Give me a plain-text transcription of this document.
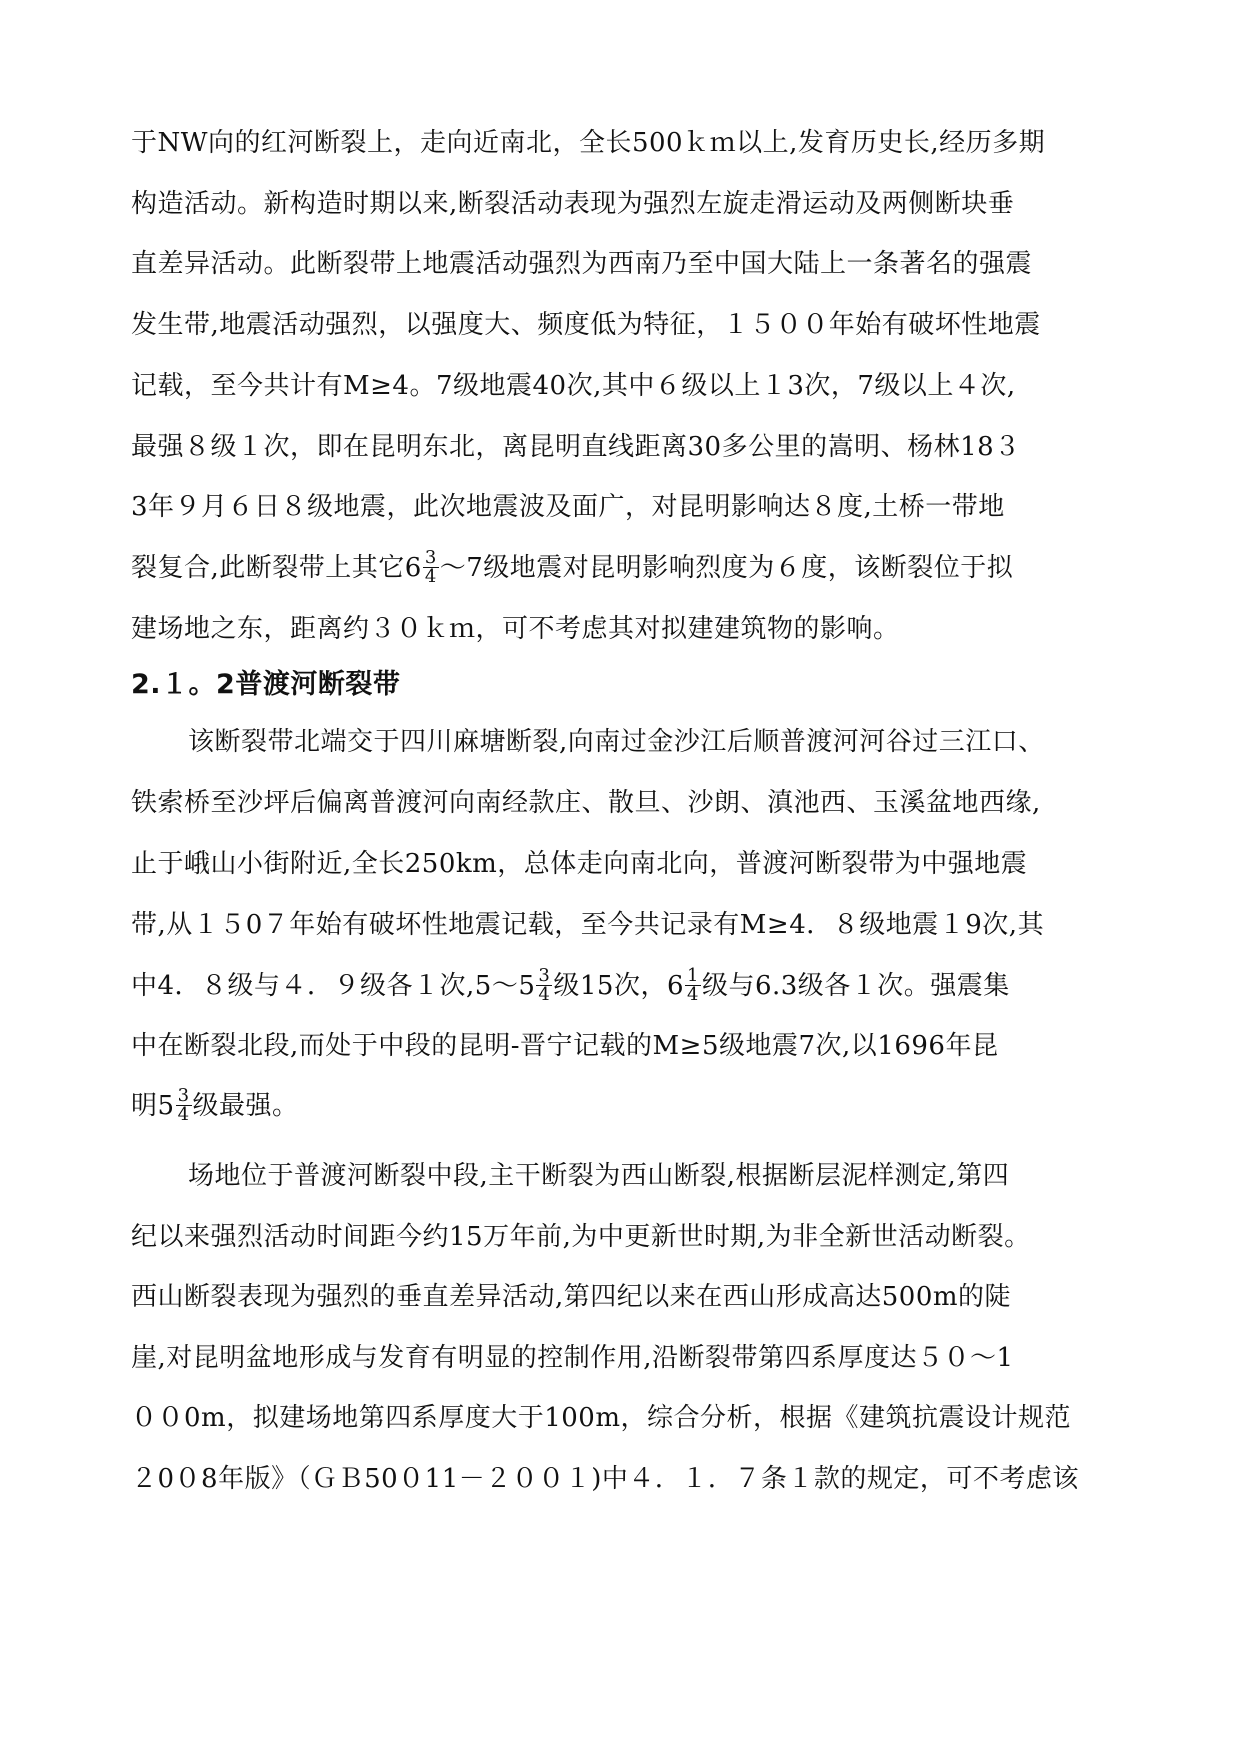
于NW向的红河断裂上，走向近南北，全长500ｋｍ以上,发育历史长,经历多期
构造活动。新构造时期以来,断裂活动表现为强烈左旋走滑运动及两侧断块垂
直差异活动。此断裂带上地震活动强烈为西南乃至中国大陆上一条著名的强震
发生带,地震活动强烈，以强度大、频度低为特征，１５００年始有破坏性地震
记载，至今共计有M≥4。7级地震40次,其中６级以上１3次，7级以上４次,
最强８级１次，即在昆明东北，离昆明直线距离30多公里的嵩明、杨林18３
3年９月６日８级地震，此次地震波及面广，对昆明影响达８度,土桥一带地
裂复合,此断裂带上其它$6 \frac{3}{4}$ ～7级地震对昆明影响烈度为６度，该断裂位于拟
建场地之东，距离约３０ｋｍ，可不考虑其对拟建建筑物的影响。
2.１。2普渡河断裂带
该断裂带北端交于四川麻塘断裂,向南过金沙江后顺普渡河河谷过三江口、
铁索桥至沙坪后偏离普渡河向南经款庄、散旦、沙朗、滇池西、玉溪盆地西缘,
止于峨山小街附近,全长250km，总体走向南北向，普渡河断裂带为中强地震
带,从１５0７年始有破坏性地震记载，至今共记录有M≥4．８级地震１9次,其
中4．８级与４．９级各１次,5～5 $\frac{3}{4}$ 级15次，$6 \frac{1}{4}$ 级与6.3级各１次。强震集
中在断裂北段,而处于中段的昆明-晋宁记载的M≥5级地震7次,以1696年昆
明$5 \frac{3}{4}$ 级最强。
场地位于普渡河断裂中段,主干断裂为西山断裂,根据断层泥样测定,第四
纪以来强烈活动时间距今约15万年前,为中更新世时期,为非全新世活动断裂。
西山断裂表现为强烈的垂直差异活动,第四纪以来在西山形成高达500m的陡
崖,对昆明盆地形成与发育有明显的控制作用,沿断裂带第四系厚度达５０～1
００0m，拟建场地第四系厚度大于100m，综合分析，根据《建筑抗震设计规范
２0０8年版》（ＧＢ50０11－２００１)中４．１．７条１款的规定，可不考虑该
